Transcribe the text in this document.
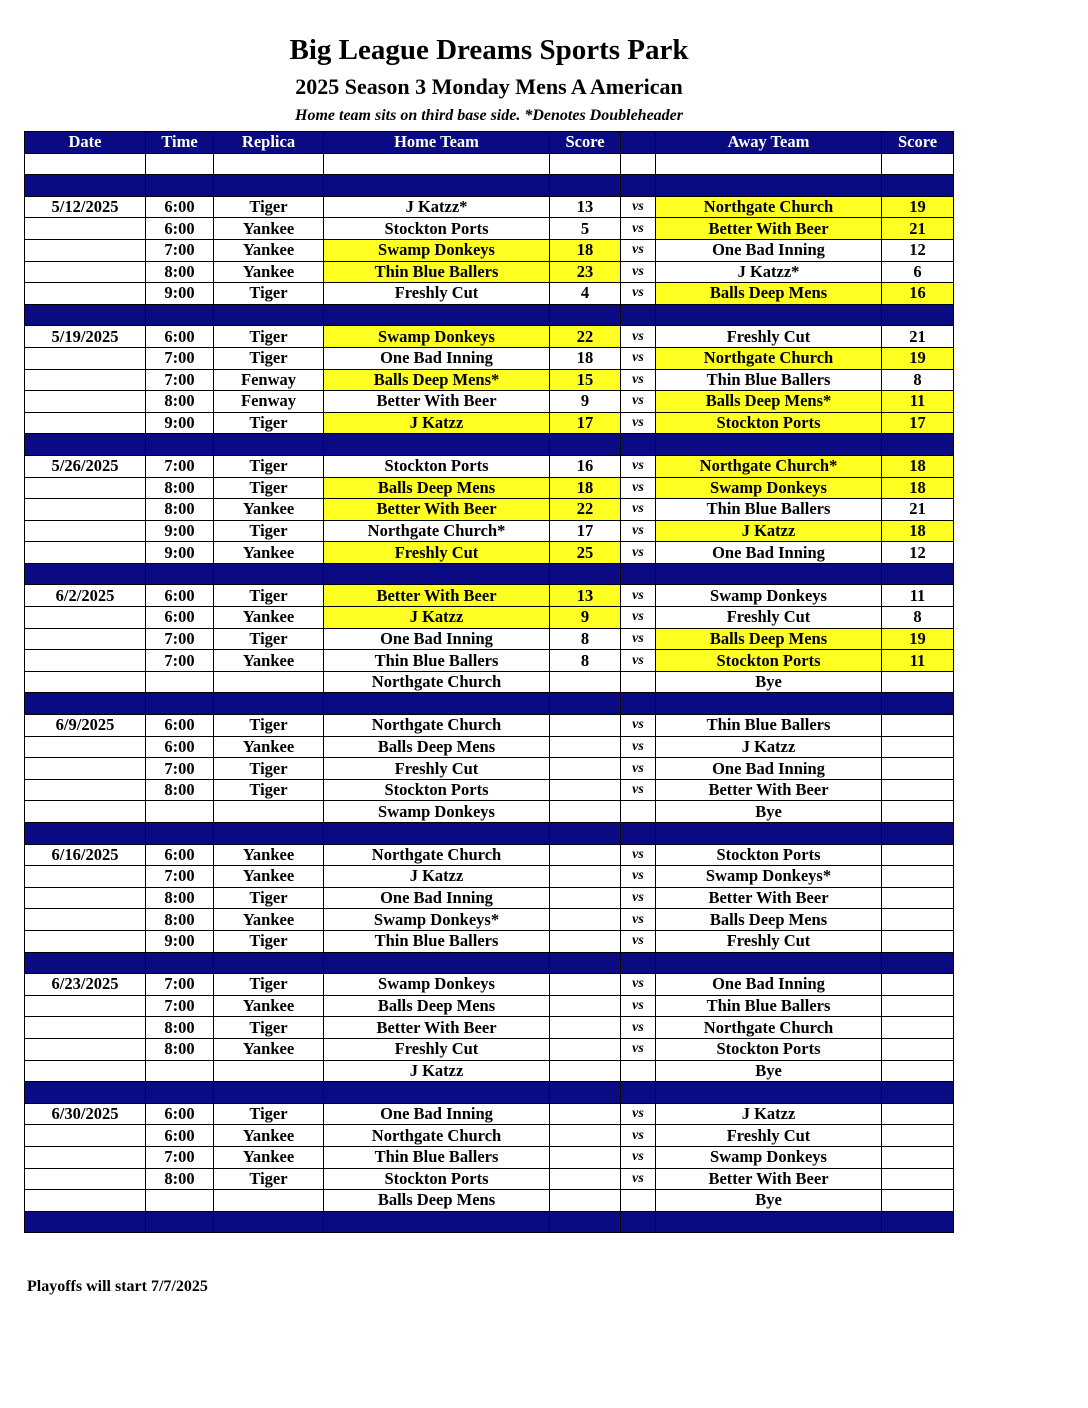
Big League Dreams Sports Park
2025 Season 3 Monday Mens A American
Home team sits on third base side. *Denotes Doubleheader
Date	Time	Replica	Home Team	Score		Away Team	Score

5/12/2025	6:00	Tiger	J Katzz*	13	vs	Northgate Church	19
	6:00	Yankee	Stockton Ports	5	vs	Better With Beer	21
	7:00	Yankee	Swamp Donkeys	18	vs	One Bad Inning	12
	8:00	Yankee	Thin Blue Ballers	23	vs	J Katzz*	6
	9:00	Tiger	Freshly Cut	4	vs	Balls Deep Mens	16

5/19/2025	6:00	Tiger	Swamp Donkeys	22	vs	Freshly Cut	21
	7:00	Tiger	One Bad Inning	18	vs	Northgate Church	19
	7:00	Fenway	Balls Deep Mens*	15	vs	Thin Blue Ballers	8
	8:00	Fenway	Better With Beer	9	vs	Balls Deep Mens*	11
	9:00	Tiger	J Katzz	17	vs	Stockton Ports	17

5/26/2025	7:00	Tiger	Stockton Ports	16	vs	Northgate Church*	18
	8:00	Tiger	Balls Deep Mens	18	vs	Swamp Donkeys	18
	8:00	Yankee	Better With Beer	22	vs	Thin Blue Ballers	21
	9:00	Tiger	Northgate Church*	17	vs	J Katzz	18
	9:00	Yankee	Freshly Cut	25	vs	One Bad Inning	12

6/2/2025	6:00	Tiger	Better With Beer	13	vs	Swamp Donkeys	11
	6:00	Yankee	J Katzz	9	vs	Freshly Cut	8
	7:00	Tiger	One Bad Inning	8	vs	Balls Deep Mens	19
	7:00	Yankee	Thin Blue Ballers	8	vs	Stockton Ports	11
			Northgate Church			Bye	

6/9/2025	6:00	Tiger	Northgate Church		vs	Thin Blue Ballers	
	6:00	Yankee	Balls Deep Mens		vs	J Katzz	
	7:00	Tiger	Freshly Cut		vs	One Bad Inning	
	8:00	Tiger	Stockton Ports		vs	Better With Beer	
			Swamp Donkeys			Bye	

6/16/2025	6:00	Yankee	Northgate Church		vs	Stockton Ports	
	7:00	Yankee	J Katzz		vs	Swamp Donkeys*	
	8:00	Tiger	One Bad Inning		vs	Better With Beer	
	8:00	Yankee	Swamp Donkeys*		vs	Balls Deep Mens	
	9:00	Tiger	Thin Blue Ballers		vs	Freshly Cut	

6/23/2025	7:00	Tiger	Swamp Donkeys		vs	One Bad Inning	
	7:00	Yankee	Balls Deep Mens		vs	Thin Blue Ballers	
	8:00	Tiger	Better With Beer		vs	Northgate Church	
	8:00	Yankee	Freshly Cut		vs	Stockton Ports	
			J Katzz			Bye	

6/30/2025	6:00	Tiger	One Bad Inning		vs	J Katzz	
	6:00	Yankee	Northgate Church		vs	Freshly Cut	
	7:00	Yankee	Thin Blue Ballers		vs	Swamp Donkeys	
	8:00	Tiger	Stockton Ports		vs	Better With Beer	
			Balls Deep Mens			Bye	

Playoffs will start 7/7/2025
